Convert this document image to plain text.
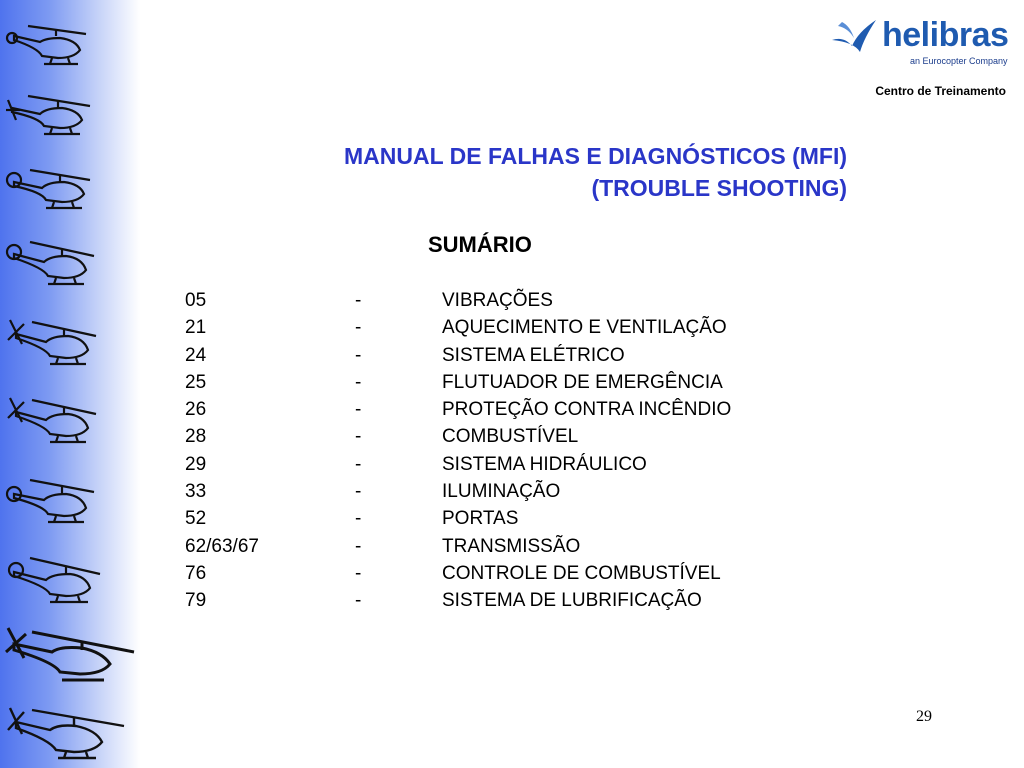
helibras
an Eurocopter Company
Centro de Treinamento
MANUAL DE FALHAS E DIAGNÓSTICOS (MFI)
(TROUBLE SHOOTING)
SUMÁRIO
05	-	VIBRAÇÕES
21	-	AQUECIMENTO E VENTILAÇÃO
24	-	SISTEMA ELÉTRICO
25	-	FLUTUADOR DE EMERGÊNCIA
26	-	PROTEÇÃO CONTRA INCÊNDIO
28	-	COMBUSTÍVEL
29	-	SISTEMA HIDRÁULICO
33	-	ILUMINAÇÃO
52	-	PORTAS
62/63/67	-	TRANSMISSÃO
76	-	CONTROLE DE COMBUSTÍVEL
79	-	SISTEMA DE LUBRIFICAÇÃO
29
